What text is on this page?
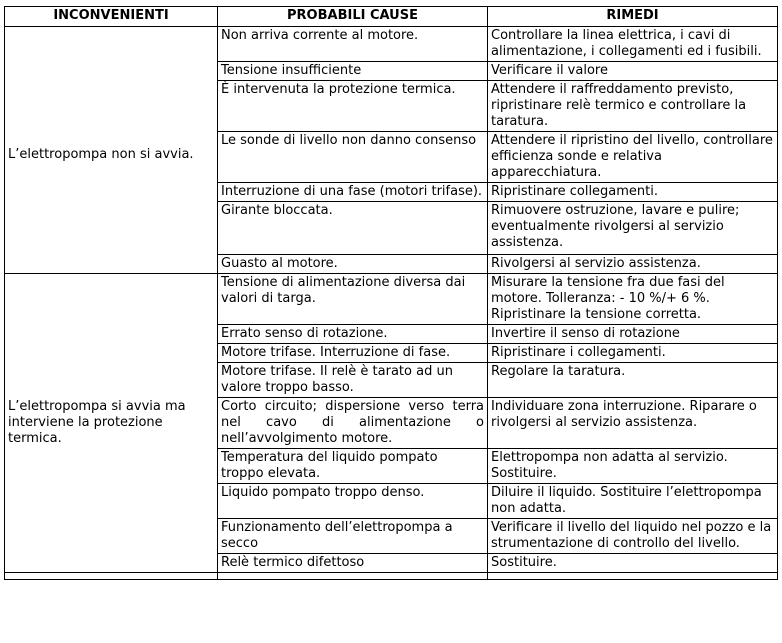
INCONVENIENTI	PROBABILI CAUSE	RIMEDI
L’elettropompa non si avvia.	Non arriva corrente al motore.	Controllare la linea elettrica, i cavi di alimentazione, i collegamenti ed i fusibili.
	Tensione insufficiente	Verificare il valore
	È intervenuta la protezione termica.	Attendere il raffreddamento previsto, ripristinare relè termico e controllare la taratura.
	Le sonde di livello non danno consenso	Attendere il ripristino del livello, controllare efficienza sonde e relativa apparecchiatura.
	Interruzione di una fase (motori trifase).	Ripristinare collegamenti.
	Girante bloccata.	Rimuovere ostruzione, lavare e pulire; eventualmente rivolgersi al servizio assistenza.
	Guasto al motore.	Rivolgersi al servizio assistenza.
L’elettropompa si avvia ma interviene la protezione termica.	Tensione di alimentazione diversa dai valori di targa.	Misurare la tensione fra due fasi del motore. Tolleranza: - 10 %/+ 6 %. Ripristinare la tensione corretta.
	Errato senso di rotazione.	Invertire il senso di rotazione
	Motore trifase. Interruzione di fase.	Ripristinare i collegamenti.
	Motore trifase. Il relè è tarato ad un valore troppo basso.	Regolare la taratura.
	Corto circuito; dispersione verso terra nel cavo di alimentazione o nell’avvolgimento motore.	Individuare zona interruzione. Riparare o rivolgersi al servizio assistenza.
	Temperatura del liquido pompato troppo elevata.	Elettropompa non adatta al servizio. Sostituire.
	Liquido pompato troppo denso.	Diluire il liquido. Sostituire l’elettropompa non adatta.
	Funzionamento dell’elettropompa a secco	Verificare il livello del liquido nel pozzo e la strumentazione di controllo del livello.
	Relè termico difettoso	Sostituire.
